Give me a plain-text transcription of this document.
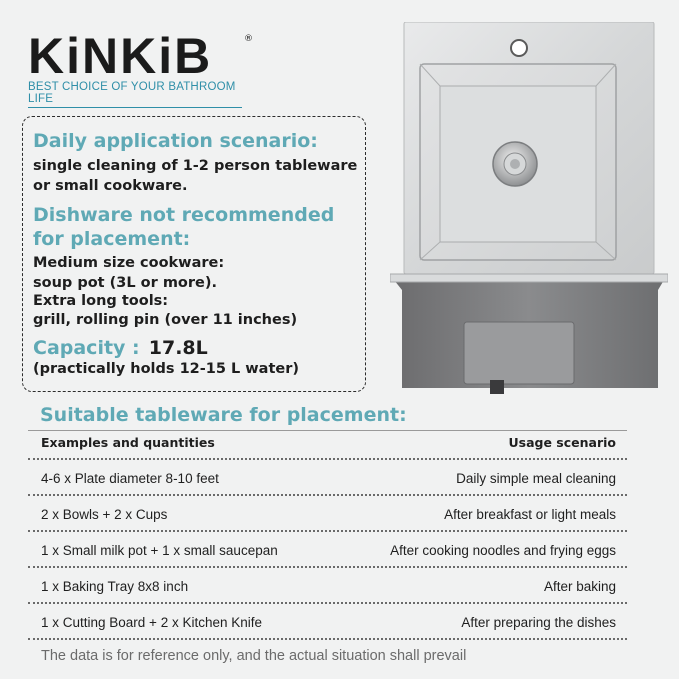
KiNKiB	®
BEST CHOICE OF YOUR BATHROOM LIFE
Daily application scenario:
single cleaning of 1-2 person tableware
or small cookware.
Dishware not recommended
for placement:
Medium size cookware:
soup pot (3L or more).
Extra long tools:
grill, rolling pin (over 11 inches)
Capacity : 17.8L
(practically holds 12-15 L water)
Suitable tableware for placement:
Examples and quantities	Usage scenario
4-6 x Plate diameter 8-10 feet	Daily simple meal cleaning
2 x Bowls + 2 x Cups	After breakfast or light meals
1 x Small milk pot + 1 x small saucepan	After cooking noodles and frying eggs
1 x Baking Tray 8x8 inch	After baking
1 x Cutting Board + 2 x Kitchen Knife	After preparing the dishes
The data is for reference only, and the actual situation shall prevail
